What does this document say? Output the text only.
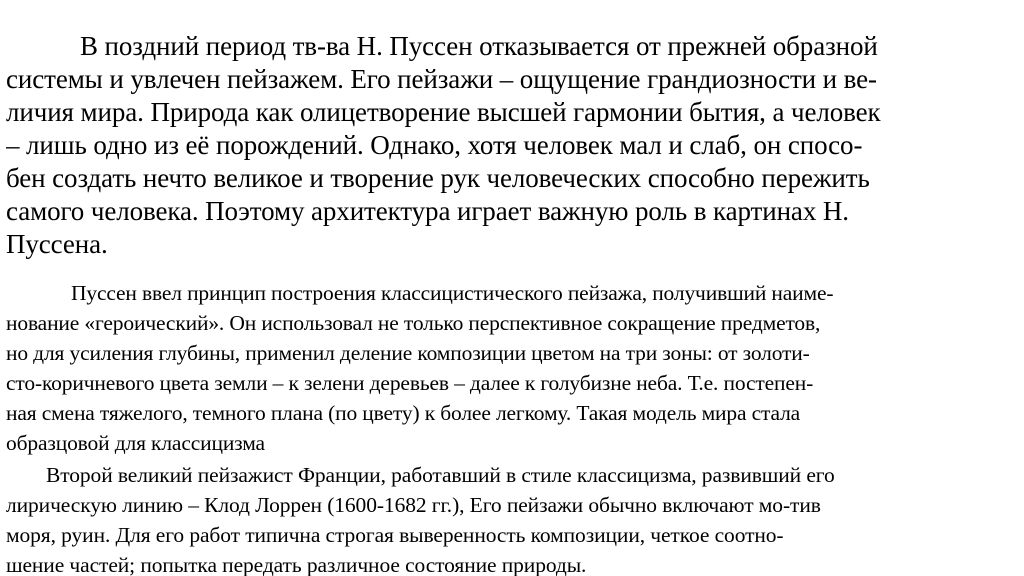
В поздний период тв-ва Н. Пуссен отказывается от прежней образной
системы и увлечен пейзажем. Его пейзажи – ощущение грандиозности и ве-
личия мира. Природа как олицетворение высшей гармонии бытия, а человек
– лишь одно из её порождений. Однако, хотя человек мал и слаб, он спосо-
бен создать нечто великое и творение рук человеческих способно пережить
самого человека. Поэтому архитектура играет важную роль в картинах Н.
Пуссена.
Пуссен ввел принцип построения классицистического пейзажа, получивший наиме-
нование «героический». Он использовал не только перспективное сокращение предметов,
но для усиления глубины, применил деление композиции цветом на три зоны: от золоти-
сто-коричневого цвета земли – к зелени деревьев – далее к голубизне неба. Т.е. постепен-
ная смена тяжелого, темного плана (по цвету) к более легкому. Такая модель мира стала
образцовой для классицизма
Второй великий пейзажист Франции, работавший в стиле классицизма, развивший его
лирическую линию – Клод Лоррен (1600-1682 гг.), Его пейзажи обычно включают мо-тив
моря, руин. Для его работ типична строгая выверенность композиции, четкое соотно-
шение частей; попытка передать различное состояние природы.
